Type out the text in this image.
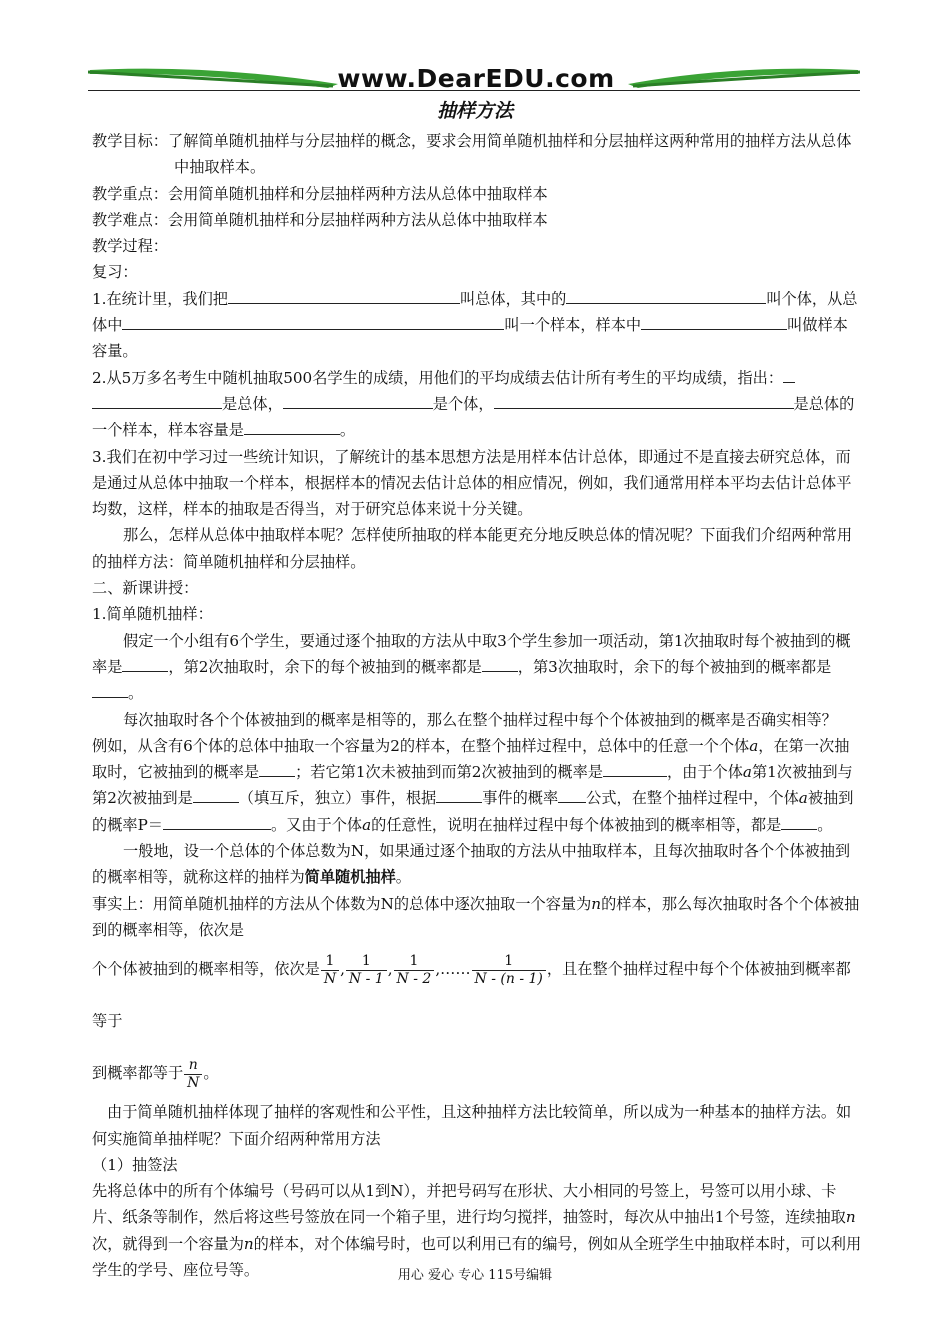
www.DearEDU.com
抽样方法

教学目标：了解简单随机抽样与分层抽样的概念，要求会用简单随机抽样和分层抽样这两种常用的抽样方法从总体中抽取样本。

教学重点：会用简单随机抽样和分层抽样两种方法从总体中抽取样本

教学难点：会用简单随机抽样和分层抽样两种方法从总体中抽取样本

教学过程：

复习：

1.在统计里，我们把	叫总体，其中的	叫个体，从总体中	叫一个样本，样本中	叫做样本容量。

2.从5万多名考生中随机抽取500名学生的成绩，用他们的平均成绩去估计所有考生的平均成绩，指出：是总体，	是个体，	是总体的一个样本，样本容量是	。

3.我们在初中学习过一些统计知识，了解统计的基本思想方法是用样本估计总体，即通过不是直接去研究总体，而是通过从总体中抽取一个样本，根据样本的情况去估计总体的相应情况，例如，我们通常用样本平均去估计总体平均数，这样，样本的抽取是否得当，对于研究总体来说十分关键。

那么，怎样从总体中抽取样本呢？怎样使所抽取的样本能更充分地反映总体的情况呢？下面我们介绍两种常用的抽样方法：简单随机抽样和分层抽样。

二、新课讲授：

1.简单随机抽样：

假定一个小组有6个学生，要通过逐个抽取的方法从中取3个学生参加一项活动，第1次抽取时每个被抽到的概率是	，第2次抽取时，余下的每个被抽到的概率都是 ，第3次抽取时，余下的每个被抽到的概率都是。

每次抽取时各个个体被抽到的概率是相等的，那么在整个抽样过程中每个个体被抽到的概率是否确实相等？

例如，从含有6个体的总体中抽取一个容量为2的样本，在整个抽样过程中，总体中的任意一个个体a，在第一次抽取时，它被抽到的概率是 ；若它第1次未被抽到而第2次被抽到的概率是	，由于个体a第1次被抽到与第2次被抽到是	（填互斥，独立）事件，根据	事件的概率 公式，在整个抽样过程中，个体a被抽到的概率P＝	。又由于个体a的任意性，说明在抽样过程中每个体被抽到的概率相等，都是 。

一般地，设一个总体的个体总数为N，如果通过逐个抽取的方法从中抽取样本，且每次抽取时各个个体被抽到的概率相等，就称这样的抽样为简单随机抽样。

事实上：用简单随机抽样的方法从个体数为N的总体中逐次抽取一个容量为n的样本，那么每次抽取时各个个体被抽到的概率相等，依次是

个个体被抽到的概率相等，依次是 $\frac{1}{N}$ , $\frac{1}{N - 1}$ , $\frac{1}{N - 2}$ ,…… $\frac{1}{N - (n - 1)}$ ，且在整个抽样过程中每个个体被抽到概率都等于

到概率都等于 $\frac{n}{N}$ 。

由于简单随机抽样体现了抽样的客观性和公平性，且这种抽样方法比较简单，所以成为一种基本的抽样方法。如何实施简单抽样呢？下面介绍两种常用方法

（1）抽签法

先将总体中的所有个体编号（号码可以从1到N），并把号码写在形状、大小相同的号签上，号签可以用小球、卡片、纸条等制作，然后将这些号签放在同一个箱子里，进行均匀搅拌，抽签时，每次从中抽出1个号签，连续抽取n次，就得到一个容量为n的样本，对个体编号时，也可以利用已有的编号，例如从全班学生中抽取样本时，可以利用学生的学号、座位号等。	用心 爱心 专心 115号编辑
